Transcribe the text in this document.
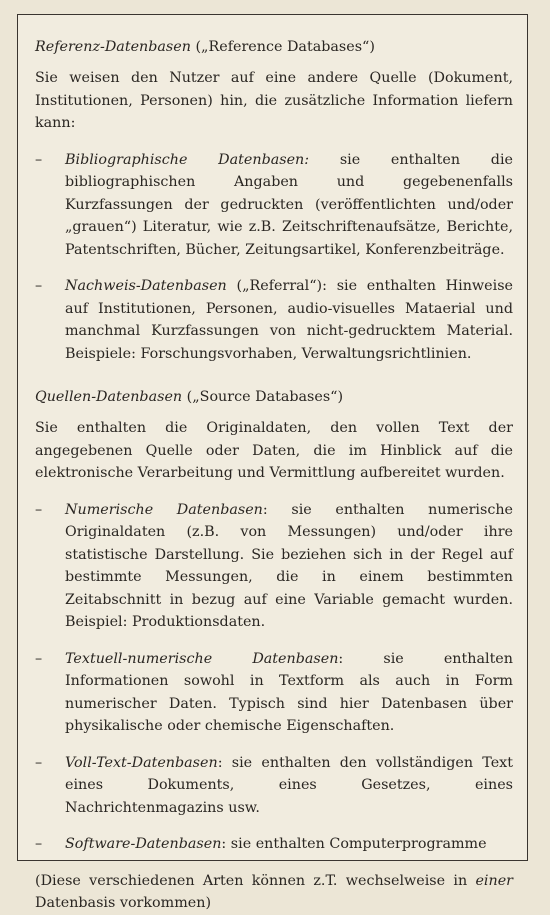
Referenz-Datenbasen („Reference Databases“)

Sie weisen den Nutzer auf eine andere Quelle (Dokument, Institutionen, Personen) hin, die zusätzliche Information liefern kann:

– Bibliographische Datenbasen: sie enthalten die bibliographischen Angaben und gegebenenfalls Kurzfassungen der gedruckten (veröffentlichten und/oder „grauen“) Literatur, wie z.B. Zeitschriftenaufsätze, Berichte, Patentschriften, Bücher, Zeitungsartikel, Konferenzbeiträge.
– Nachweis-Datenbasen („Referral“): sie enthalten Hinweise auf Institutionen, Personen, audio-visuelles Mataerial und manchmal Kurzfassungen von nicht-gedrucktem Material. Beispiele: Forschungsvorhaben, Verwaltungsrichtlinien.
Quellen-Datenbasen („Source Databases“)

Sie enthalten die Originaldaten, den vollen Text der angegebenen Quelle oder Daten, die im Hinblick auf die elektronische Verarbeitung und Vermittlung aufbereitet wurden.

– Numerische Datenbasen: sie enthalten numerische Originaldaten (z.B. von Messungen) und/oder ihre statistische Darstellung. Sie beziehen sich in der Regel auf bestimmte Messungen, die in einem bestimmten Zeitabschnitt in bezug auf eine Variable gemacht wurden. Beispiel: Produktionsdaten.
– Textuell-numerische Datenbasen: sie enthalten Informationen sowohl in Textform als auch in Form numerischer Daten. Typisch sind hier Datenbasen über physikalische oder chemische Eigenschaften.
– Voll-Text-Datenbasen: sie enthalten den vollständigen Text eines Dokuments, eines Gesetzes, eines Nachrichtenmagazins usw.
– Software-Datenbasen: sie enthalten Computerprogramme

(Diese verschiedenen Arten können z.T. wechselweise in einer Datenbasis vorkommen)
